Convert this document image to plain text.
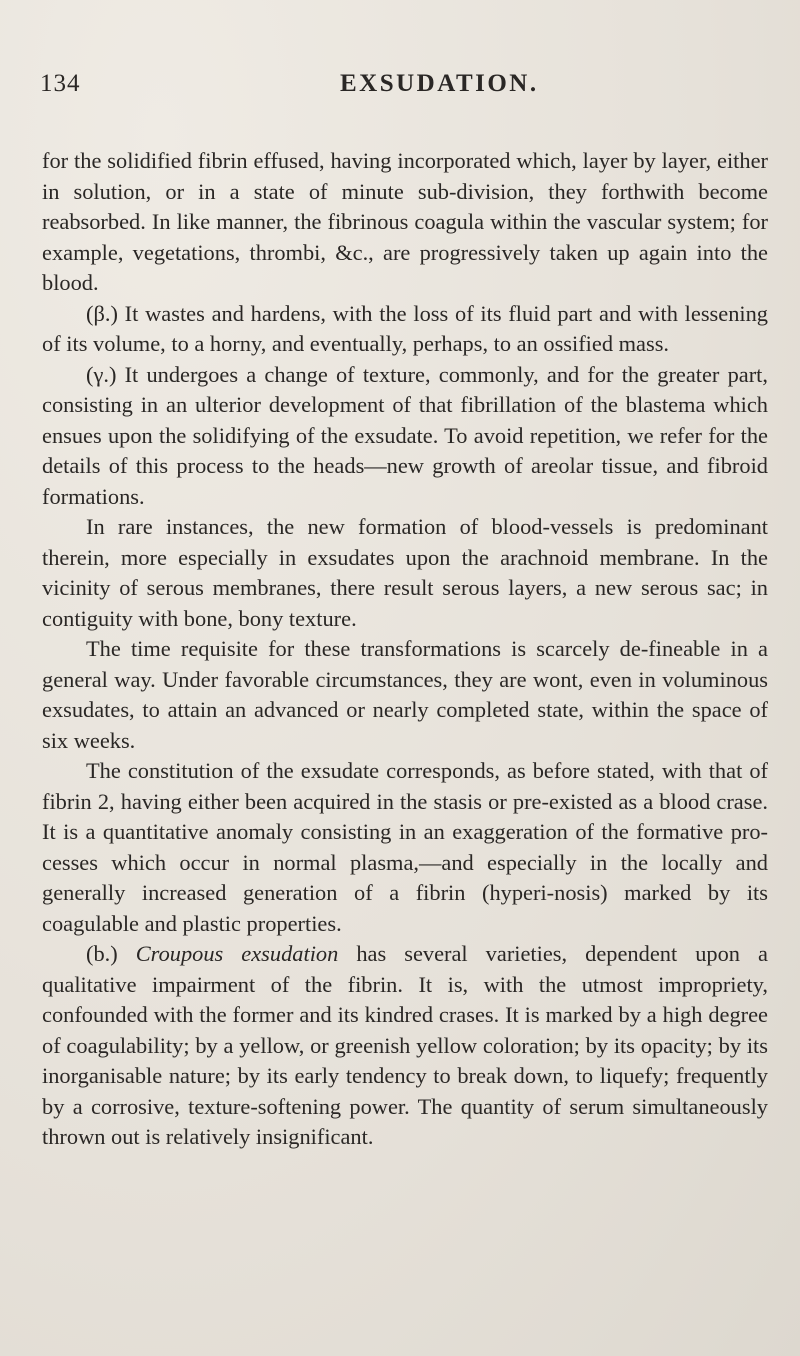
134	EXSUDATION.

for the solidified fibrin effused, having incorporated which, layer by layer, either in solution, or in a state of minute sub-division, they forthwith become reabsorbed. In like manner, the fibrinous coagula within the vascular system; for example, vegetations, thrombi, &c., are progressively taken up again into the blood.

(β.) It wastes and hardens, with the loss of its fluid part and with lessening of its volume, to a horny, and eventually, perhaps, to an ossified mass.

(γ.) It undergoes a change of texture, commonly, and for the greater part, consisting in an ulterior development of that fibrillation of the blastema which ensues upon the solidifying of the exsudate. To avoid repetition, we refer for the details of this process to the heads—new growth of areolar tissue, and fibroid formations.

In rare instances, the new formation of blood-vessels is predominant therein, more especially in exsudates upon the arachnoid membrane. In the vicinity of serous membranes, there result serous layers, a new serous sac; in contiguity with bone, bony texture.

The time requisite for these transformations is scarcely de-fineable in a general way. Under favorable circumstances, they are wont, even in voluminous exsudates, to attain an advanced or nearly completed state, within the space of six weeks.

The constitution of the exsudate corresponds, as before stated, with that of fibrin 2, having either been acquired in the stasis or pre-existed as a blood crase. It is a quantitative anomaly consisting in an exaggeration of the formative pro-cesses which occur in normal plasma,—and especially in the locally and generally increased generation of a fibrin (hyperi-nosis) marked by its coagulable and plastic properties.

(b.) Croupous exsudation has several varieties, dependent upon a qualitative impairment of the fibrin. It is, with the utmost impropriety, confounded with the former and its kindred crases. It is marked by a high degree of coagulability; by a yellow, or greenish yellow coloration; by its opacity; by its inorganisable nature; by its early tendency to break down, to liquefy; frequently by a corrosive, texture-softening power. The quantity of serum simultaneously thrown out is relatively insignificant.
